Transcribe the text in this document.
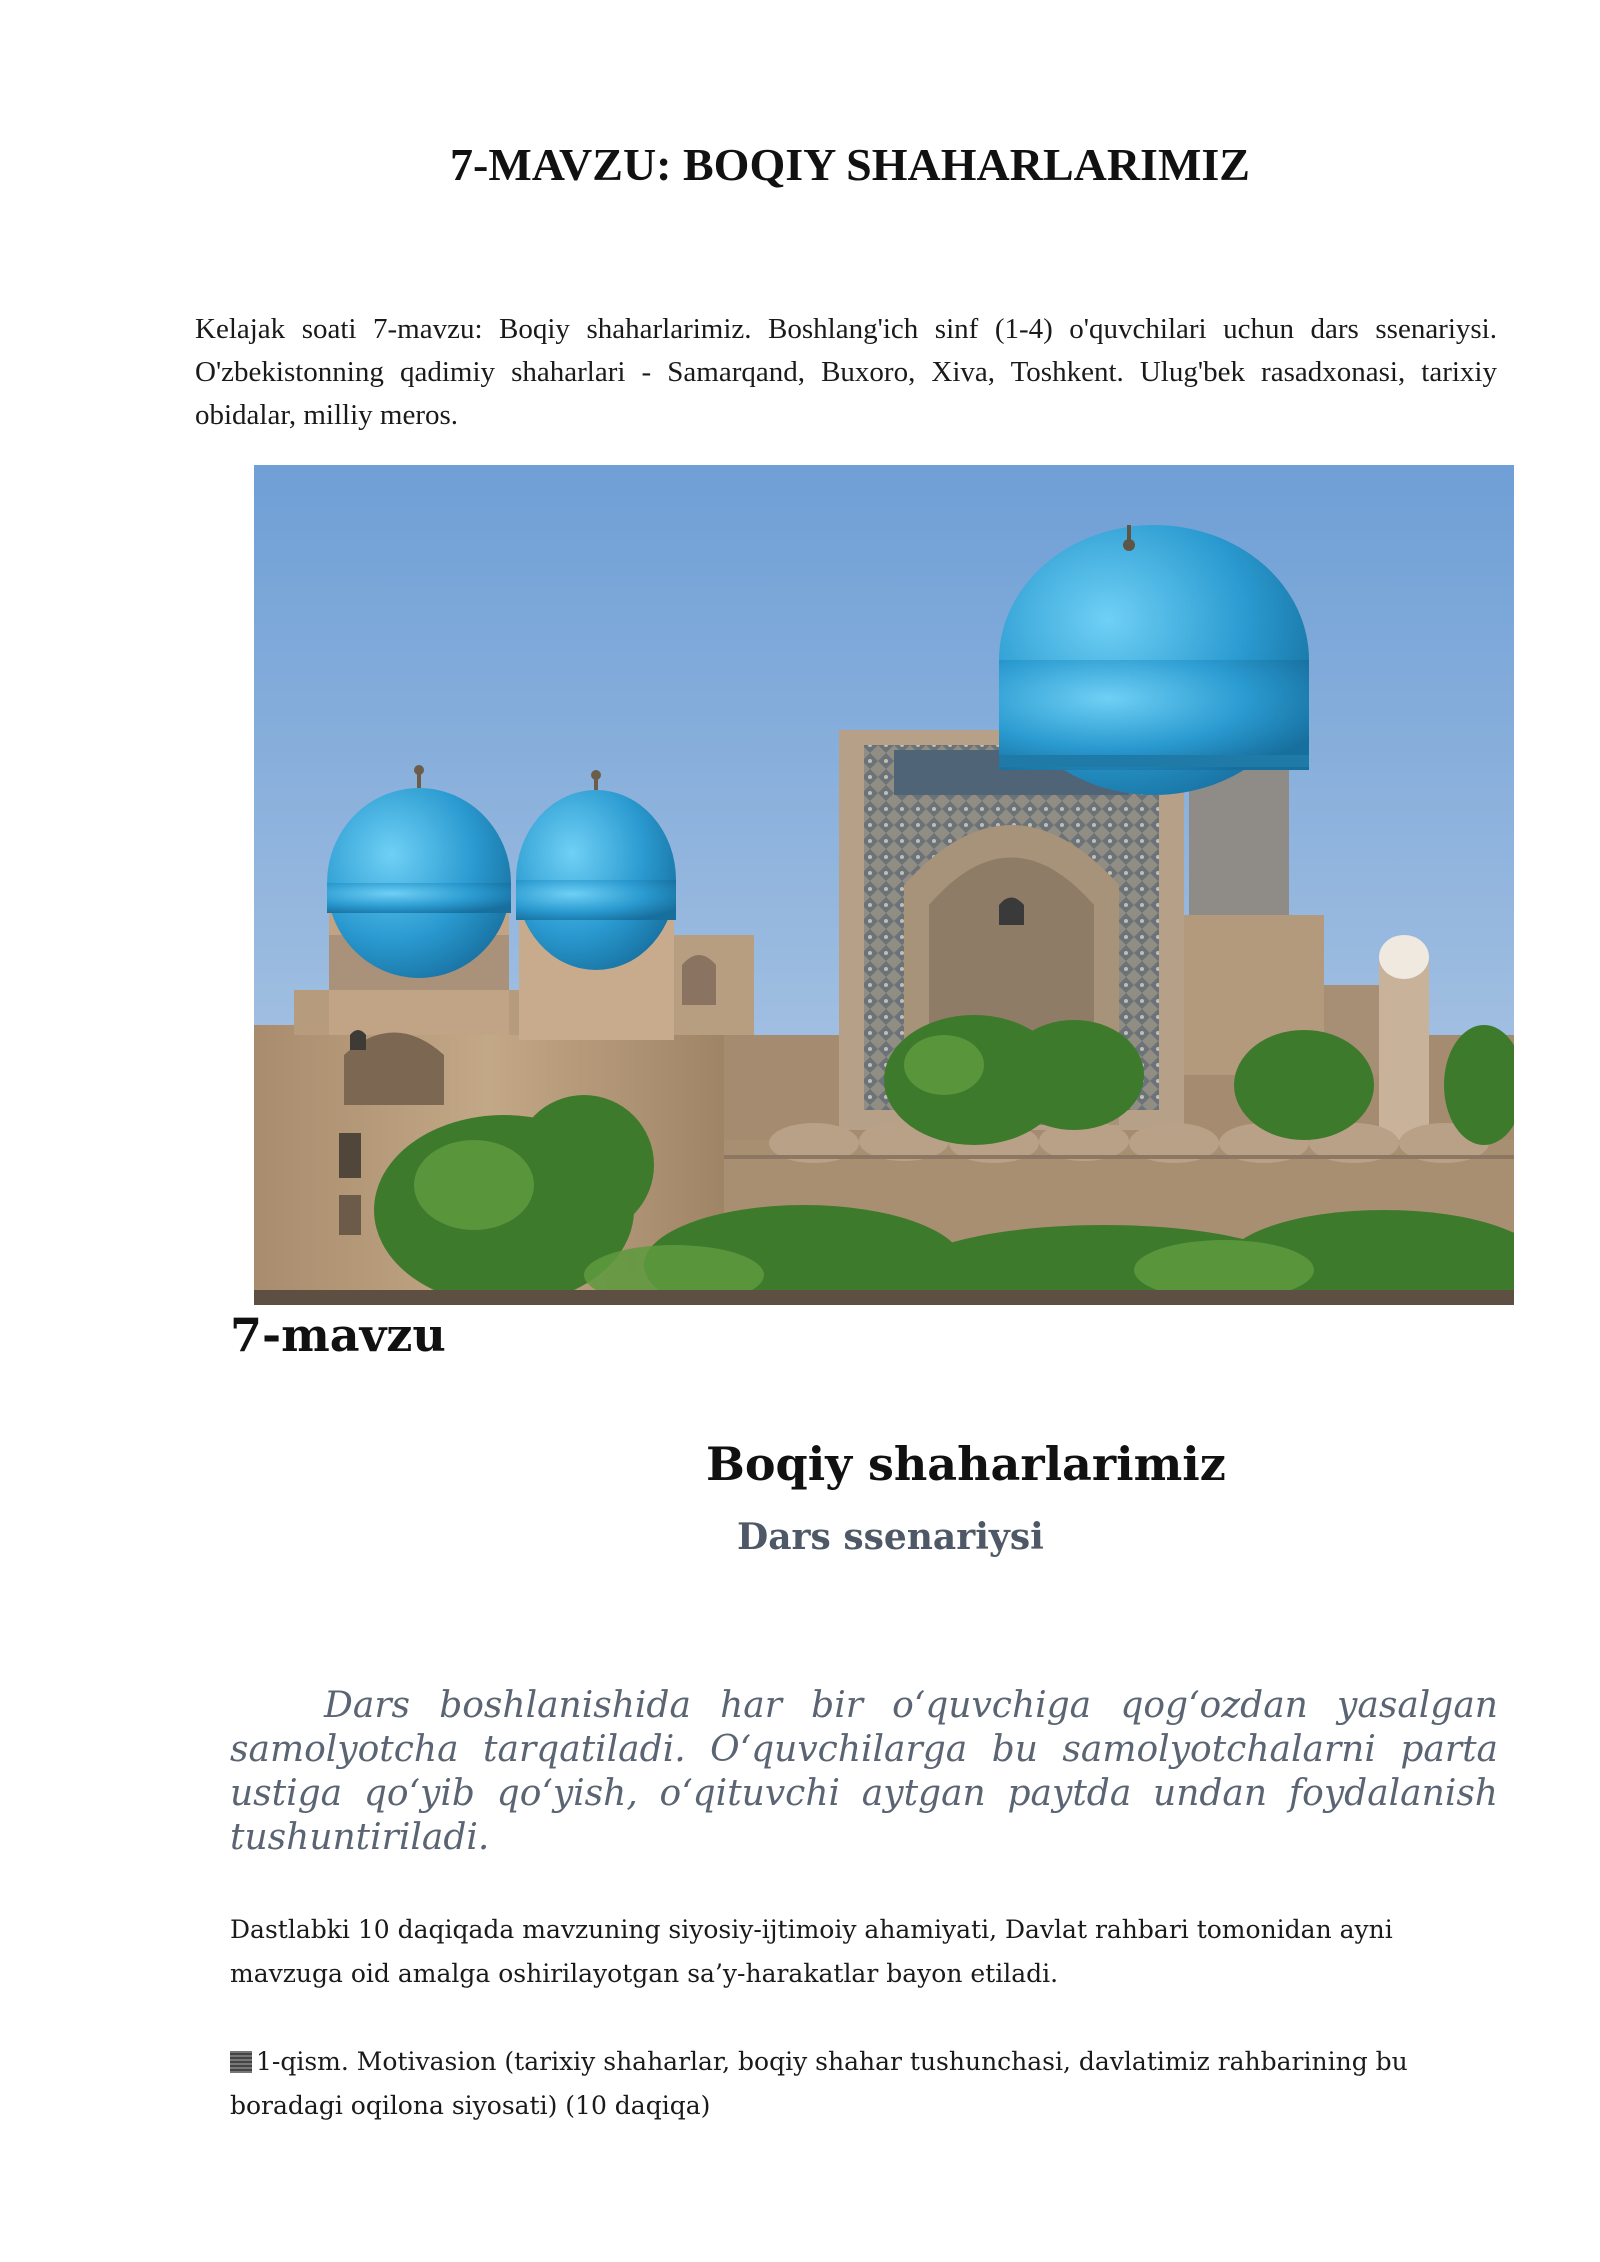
7-MAVZU: BOQIY SHAHARLARIMIZ
Kelajak soati 7-mavzu: Boqiy shaharlarimiz. Boshlang'ich sinf (1-4) o'quvchilari uchun dars ssenariysi. O'zbekistonning qadimiy shaharlari - Samarqand, Buxoro, Xiva, Toshkent. Ulug'bek rasadxonasi, tarixiy obidalar, milliy meros.
7-mavzu
Boqiy shaharlarimiz
Dars ssenariysi
Dars boshlanishida har bir o‘quvchiga qog‘ozdan yasalgan samolyotcha tarqatiladi. O‘quvchilarga bu samolyotchalarni parta ustiga qo‘yib qo‘yish, o‘qituvchi aytgan paytda undan foydalanish tushuntiriladi.
Dastlabki 10 daqiqada mavzuning siyosiy-ijtimoiy ahamiyati, Davlat rahbari tomonidan ayni mavzuga oid amalga oshirilayotgan sa’y-harakatlar bayon etiladi.
1-qism. Motivasion (tarixiy shaharlar, boqiy shahar tushunchasi, davlatimiz rahbarining bu boradagi oqilona siyosati) (10 daqiqa)
